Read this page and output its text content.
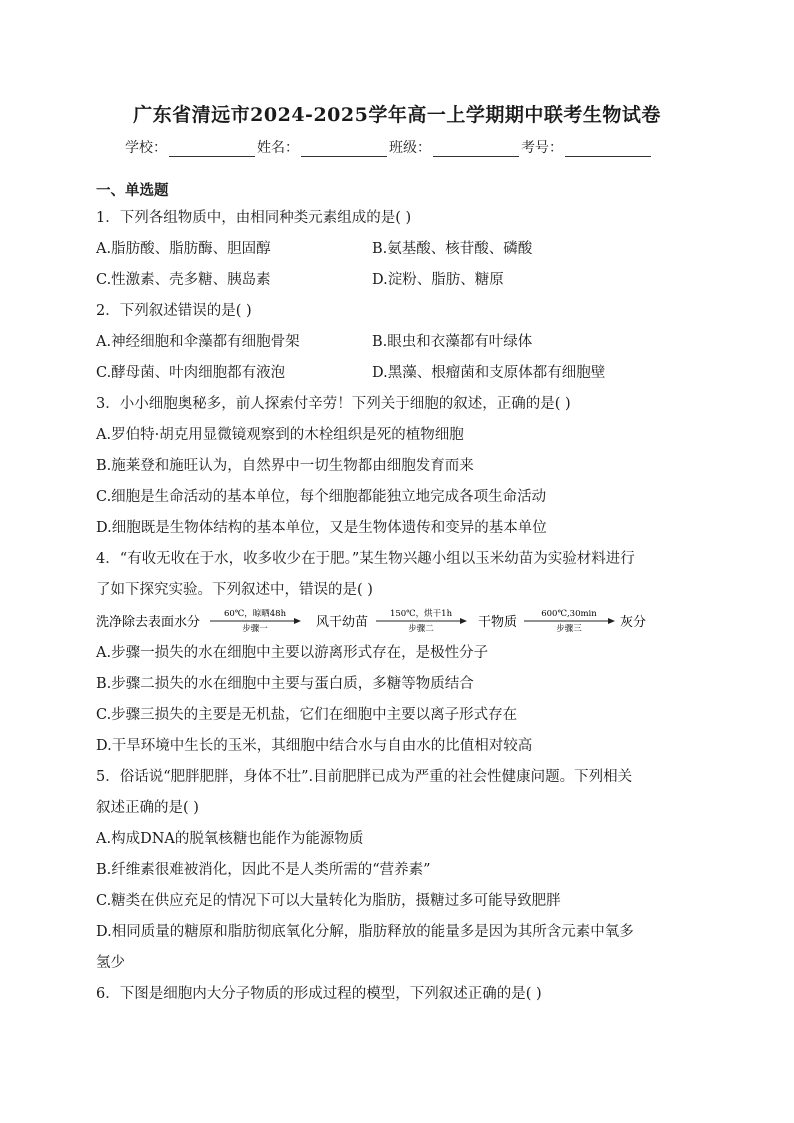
广东省清远市2024-2025学年高一上学期期中联考生物试卷
学校：	姓名：	班级：	考号：
一、单选题
1．下列各组物质中，由相同种类元素组成的是( )
A.脂肪酸、脂肪酶、胆固醇	B.氨基酸、核苷酸、磷酸
C.性激素、壳多糖、胰岛素	D.淀粉、脂肪、糖原
2．下列叙述错误的是( )
A.神经细胞和伞藻都有细胞骨架	B.眼虫和衣藻都有叶绿体
C.酵母菌、叶肉细胞都有液泡	D.黑藻、根瘤菌和支原体都有细胞壁
3．小小细胞奥秘多，前人探索付辛劳！下列关于细胞的叙述，正确的是( )
A.罗伯特·胡克用显微镜观察到的木栓组织是死的植物细胞
B.施莱登和施旺认为，自然界中一切生物都由细胞发育而来
C.细胞是生命活动的基本单位，每个细胞都能独立地完成各项生命活动
D.细胞既是生物体结构的基本单位，又是生物体遗传和变异的基本单位
4．“有收无收在于水，收多收少在于肥。”某生物兴趣小组以玉米幼苗为实验材料进行
了如下探究实验。下列叙述中，错误的是( )
洗净除去表面水分
60℃，晾晒48h
步骤一	风干幼苗
150℃，烘干1h
步骤二	干物质
600℃,30min
步骤三	灰分
A.步骤一损失的水在细胞中主要以游离形式存在，是极性分子
B.步骤二损失的水在细胞中主要与蛋白质，多糖等物质结合
C.步骤三损失的主要是无机盐，它们在细胞中主要以离子形式存在
D.干旱环境中生长的玉米，其细胞中结合水与自由水的比值相对较高
5．俗话说“肥胖肥胖，身体不壮”.目前肥胖已成为严重的社会性健康问题。下列相关
叙述正确的是( )
A.构成DNA的脱氧核糖也能作为能源物质
B.纤维素很难被消化，因此不是人类所需的“营养素”
C.糖类在供应充足的情况下可以大量转化为脂肪，摄糖过多可能导致肥胖
D.相同质量的糖原和脂肪彻底氧化分解，脂肪释放的能量多是因为其所含元素中氧多
氢少
6．下图是细胞内大分子物质的形成过程的模型，下列叙述正确的是( )
